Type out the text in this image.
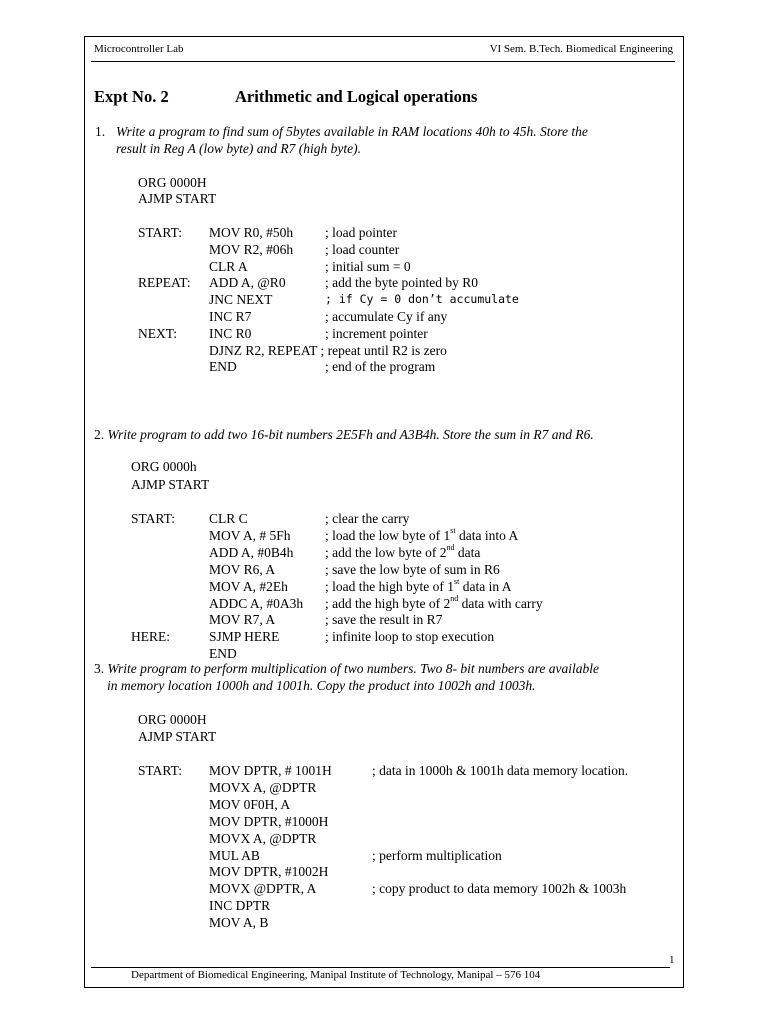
Microcontroller Lab	VI Sem. B.Tech. Biomedical Engineering
Expt No. 2	Arithmetic and Logical operations
1. Write a program to find sum of 5bytes available in RAM locations 40h to 45h. Store the
result in Reg A (low byte) and R7 (high byte).
ORG 0000H
AJMP START
2. Write program to add two 16-bit numbers 2E5Fh and A3B4h. Store the sum in R7 and R6.
ORG 0000h
AJMP START
3. Write program to perform multiplication of two numbers. Two 8- bit numbers are available
in memory location 1000h and 1001h. Copy the product into 1002h and 1003h.
ORG 0000H
AJMP START
1
Department of Biomedical Engineering, Manipal Institute of Technology, Manipal – 576 104
START: MOV R0, #50h ; load pointer
MOV R2, #06h ; load counter
CLR A	; initial sum = 0
REPEAT: ADD A, @R0	; add the byte pointed by R0
JNC NEXT	; if Cy = 0 don’t accumulate
INC R7	; accumulate Cy if any
NEXT: INC R0	; increment pointer
DJNZ R2, REPEAT ; repeat until R2 is zero
END	; end of the program
START:	CLR C	; clear the carry
MOV A, # 5Fh	; load the low byte of 1st data into A
ADD A, #0B4h ; add the low byte of 2nd data
MOV R6, A	; save the low byte of sum in R6
MOV A, #2Eh	; load the high byte of 1st data in A
ADDC A, #0A3h ; add the high byte of 2nd data with carry
MOV R7, A	; save the result in R7
HERE:	SJMP HERE	; infinite loop to stop execution
END
START: MOV DPTR, # 1001H	; data in 1000h & 1001h data memory location.
MOVX A, @DPTR
MOV 0F0H, A
MOV DPTR, #1000H
MOVX A, @DPTR
MUL AB	; perform multiplication
MOV DPTR, #1002H
MOVX @DPTR, A	; copy product to data memory 1002h & 1003h
INC DPTR
MOV A, B
